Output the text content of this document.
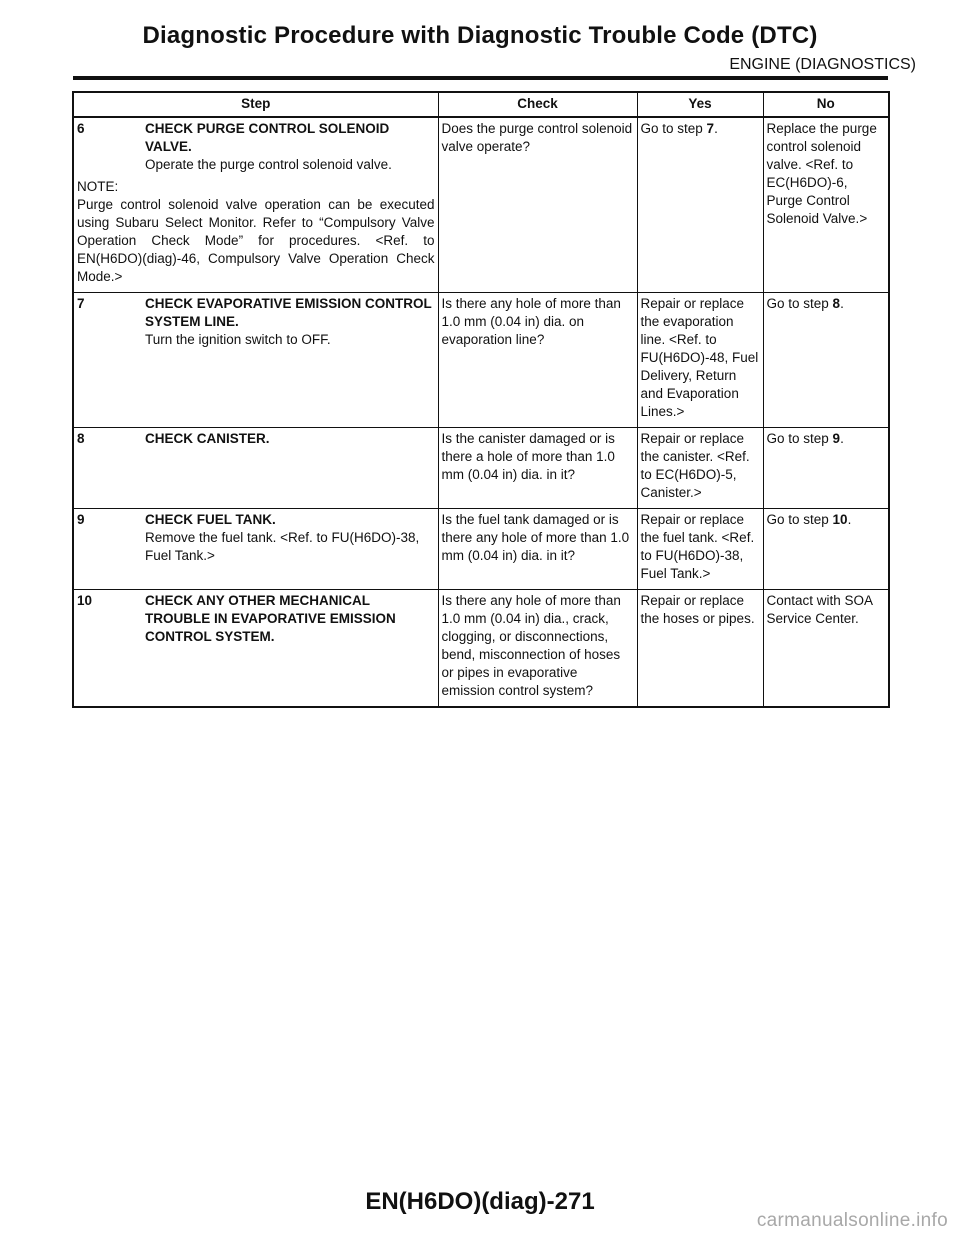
Diagnostic Procedure with Diagnostic Trouble Code (DTC)
ENGINE (DIAGNOSTICS)
Step	Check	Yes	No

6 CHECK PURGE CONTROL SOLENOID VALVE.
Operate the purge control solenoid valve.
NOTE:
Purge control solenoid valve operation can be executed using Subaru Select Monitor. Refer to “Compulsory Valve Operation Check Mode” for procedures. <Ref. to EN(H6DO)(diag)-46, Compulsory Valve Operation Check Mode.>	Does the purge control solenoid valve operate?	Go to step 7.	Replace the purge control solenoid valve. <Ref. to EC(H6DO)-6, Purge Control Solenoid Valve.>

7 CHECK EVAPORATIVE EMISSION CONTROL SYSTEM LINE.
Turn the ignition switch to OFF.	Is there any hole of more than 1.0 mm (0.04 in) dia. on evaporation line?	Repair or replace the evaporation line. <Ref. to FU(H6DO)-48, Fuel Delivery, Return and Evaporation Lines.>	Go to step 8.

8 CHECK CANISTER.	Is the canister damaged or is there a hole of more than 1.0 mm (0.04 in) dia. in it?	Repair or replace the canister. <Ref. to EC(H6DO)-5, Canister.>	Go to step 9.

9 CHECK FUEL TANK.
Remove the fuel tank. <Ref. to FU(H6DO)-38, Fuel Tank.>	Is the fuel tank damaged or is there any hole of more than 1.0 mm (0.04 in) dia. in it?	Repair or replace the fuel tank. <Ref. to FU(H6DO)-38, Fuel Tank.>	Go to step 10.

10 CHECK ANY OTHER MECHANICAL TROUBLE IN EVAPORATIVE EMISSION CONTROL SYSTEM.	Is there any hole of more than 1.0 mm (0.04 in) dia., crack, clogging, or disconnections, bend, misconnection of hoses or pipes in evaporative emission control system?	Repair or replace the hoses or pipes.	Contact with SOA Service Center.
EN(H6DO)(diag)-271
carmanualsonline.info
